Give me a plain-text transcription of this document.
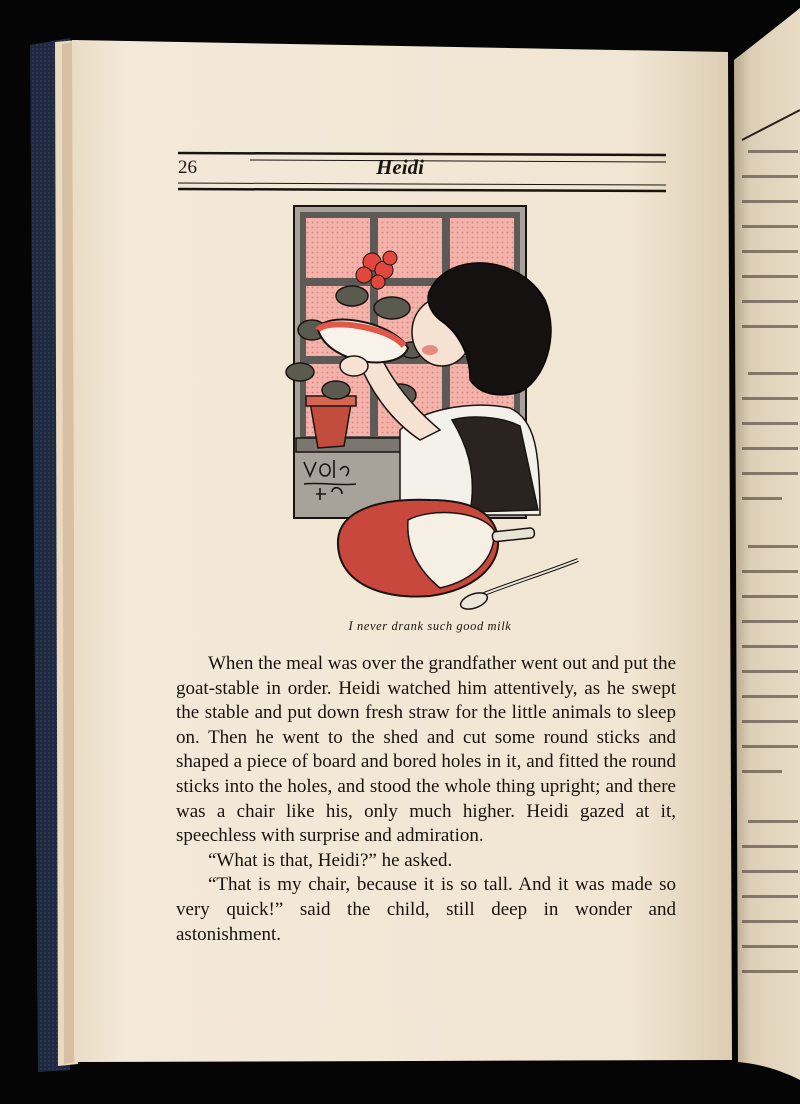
26	Heidi
I never drank such good milk

When the meal was over the grandfather went out and put the goat-stable in order. Heidi watched him attentively, as he swept the stable and put down fresh straw for the little animals to sleep on. Then he went to the shed and cut some round sticks and shaped a piece of board and bored holes in it, and fitted the round sticks into the holes, and stood the whole thing upright; and there was a chair like his, only much higher. Heidi gazed at it, speechless with surprise and admiration.

“What is that, Heidi?” he asked.

“That is my chair, because it is so tall. And it was made so very quick!” said the child, still deep in wonder and astonishment.
